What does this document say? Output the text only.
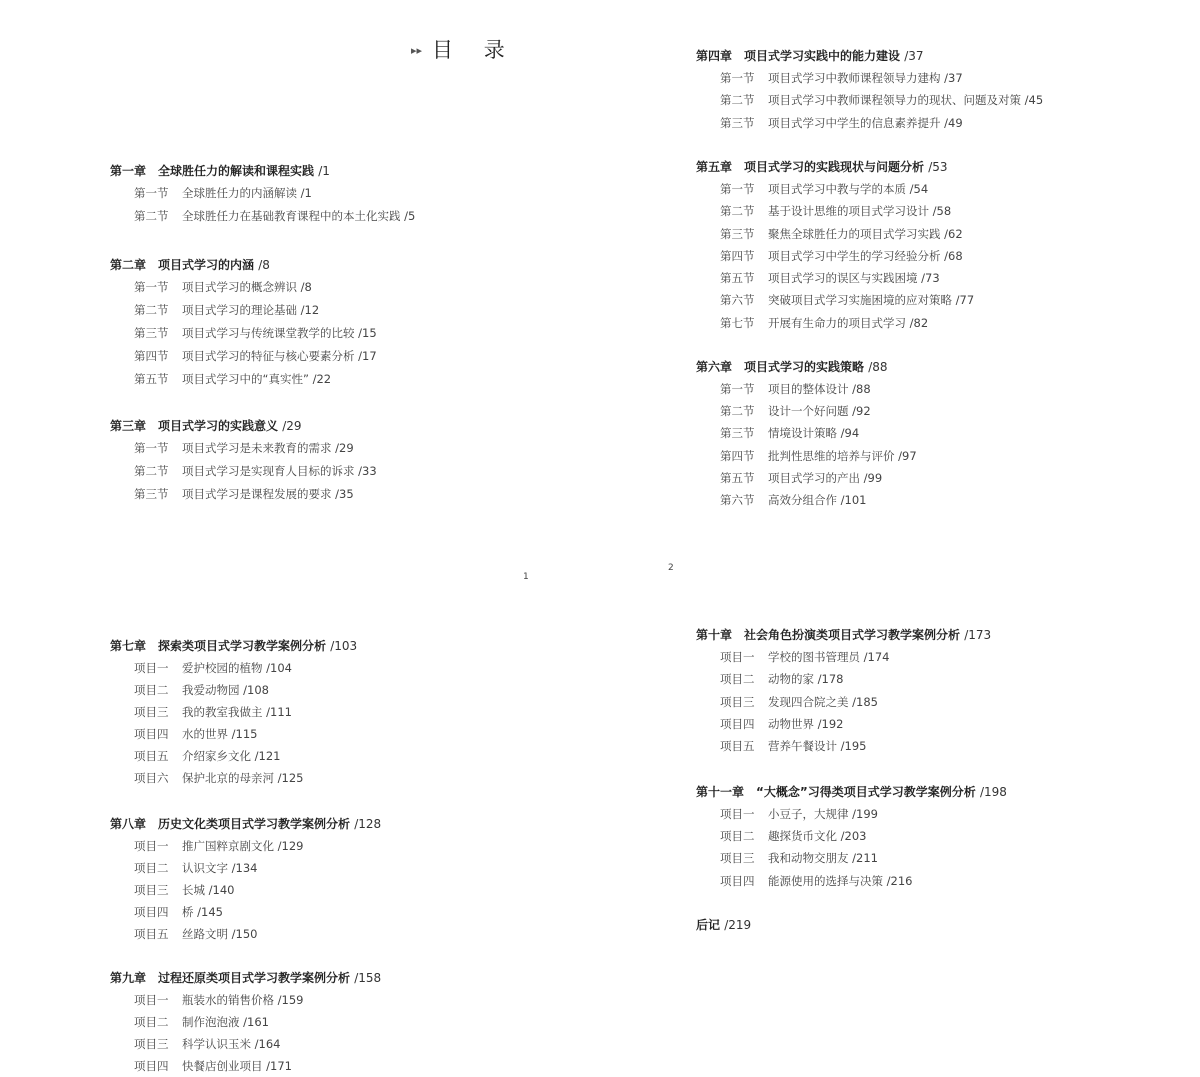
▸▸ 目 录
1
2
第一章　全球胜任力的解读和课程实践 /1
第一节 全球胜任力的内涵解读 /1
第二节 全球胜任力在基础教育课程中的本土化实践 /5
第二章　项目式学习的内涵 /8
第一节 项目式学习的概念辨识 /8
第二节 项目式学习的理论基础 /12
第三节 项目式学习与传统课堂教学的比较 /15
第四节 项目式学习的特征与核心要素分析 /17
第五节 项目式学习中的“真实性” /22
第三章　项目式学习的实践意义 /29
第一节 项目式学习是未来教育的需求 /29
第二节 项目式学习是实现育人目标的诉求 /33
第三节 项目式学习是课程发展的要求 /35
第四章　项目式学习实践中的能力建设 /37
第一节 项目式学习中教师课程领导力建构 /37
第二节 项目式学习中教师课程领导力的现状、问题及对策 /45
第三节 项目式学习中学生的信息素养提升 /49
第五章　项目式学习的实践现状与问题分析 /53
第一节 项目式学习中教与学的本质 /54
第二节 基于设计思维的项目式学习设计 /58
第三节 聚焦全球胜任力的项目式学习实践 /62
第四节 项目式学习中学生的学习经验分析 /68
第五节 项目式学习的误区与实践困境 /73
第六节 突破项目式学习实施困境的应对策略 /77
第七节 开展有生命力的项目式学习 /82
第六章　项目式学习的实践策略 /88
第一节 项目的整体设计 /88
第二节 设计一个好问题 /92
第三节 情境设计策略 /94
第四节 批判性思维的培养与评价 /97
第五节 项目式学习的产出 /99
第六节 高效分组合作 /101
第七章　探索类项目式学习教学案例分析 /103
项目一 爱护校园的植物 /104
项目二 我爱动物园 /108
项目三 我的教室我做主 /111
项目四 水的世界 /115
项目五 介绍家乡文化 /121
项目六 保护北京的母亲河 /125
第八章　历史文化类项目式学习教学案例分析 /128
项目一 推广国粹京剧文化 /129
项目二 认识文字 /134
项目三 长城 /140
项目四 桥 /145
项目五 丝路文明 /150
第九章　过程还原类项目式学习教学案例分析 /158
项目一 瓶装水的销售价格 /159
项目二 制作泡泡液 /161
项目三 科学认识玉米 /164
项目四 快餐店创业项目 /171
第十章　社会角色扮演类项目式学习教学案例分析 /173
项目一 学校的图书管理员 /174
项目二 动物的家 /178
项目三 发现四合院之美 /185
项目四 动物世界 /192
项目五 营养午餐设计 /195
第十一章　“大概念”习得类项目式学习教学案例分析 /198
项目一 小豆子，大规律 /199
项目二 趣探货币文化 /203
项目三 我和动物交朋友 /211
项目四 能源使用的选择与决策 /216
后记 /219
